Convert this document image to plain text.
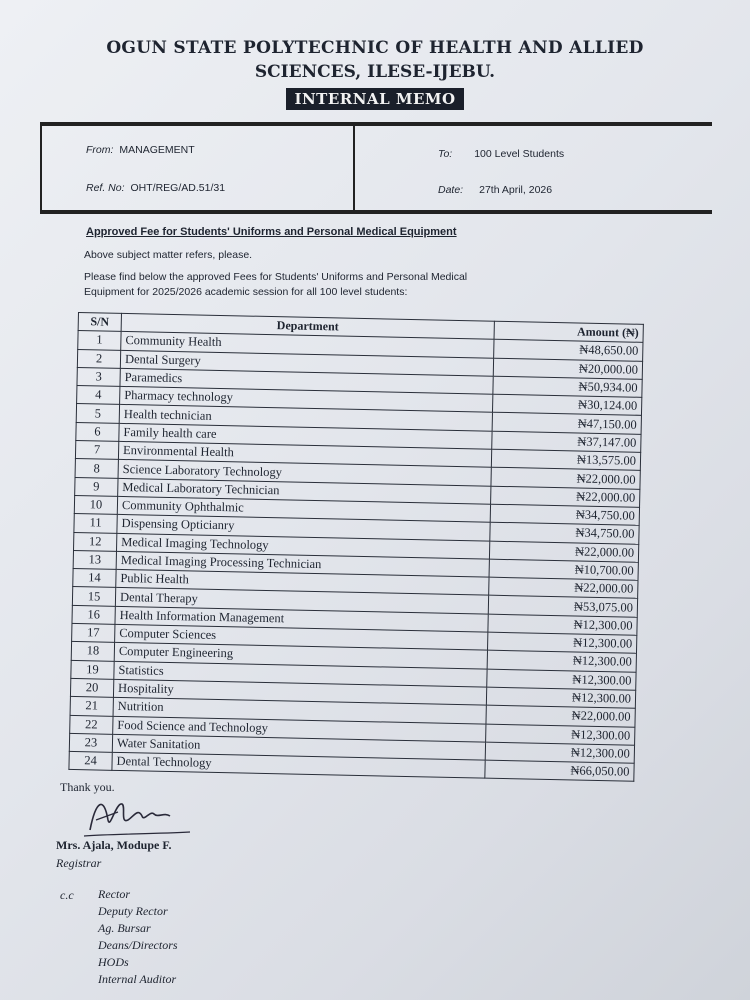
OGUN STATE POLYTECHNIC OF HEALTH AND ALLIED
SCIENCES, ILESE-IJEBU.
INTERNAL MEMO
From: MANAGEMENT
Ref. No: OHT/REG/AD.51/31
To: 100 Level Students
Date: 27th April, 2026
Approved Fee for Students' Uniforms and Personal Medical Equipment
Above subject matter refers, please.
Please find below the approved Fees for Students' Uniforms and Personal Medical
Equipment for 2025/2026 academic session for all 100 level students:
S/N	Department	Amount (₦)
1	Community Health	₦48,650.00
2	Dental Surgery	₦20,000.00
3	Paramedics	₦50,934.00
4	Pharmacy technology	₦30,124.00
5	Health technician	₦47,150.00
6	Family health care	₦37,147.00
7	Environmental Health	₦13,575.00
8	Science Laboratory Technology	₦22,000.00
9	Medical Laboratory Technician	₦22,000.00
10	Community Ophthalmic	₦34,750.00
11	Dispensing Opticianry	₦34,750.00
12	Medical Imaging Technology	₦22,000.00
13	Medical Imaging Processing Technician	₦10,700.00
14	Public Health	₦22,000.00
15	Dental Therapy	₦53,075.00
16	Health Information Management	₦12,300.00
17	Computer Sciences	₦12,300.00
18	Computer Engineering	₦12,300.00
19	Statistics	₦12,300.00
20	Hospitality	₦12,300.00
21	Nutrition	₦22,000.00
22	Food Science and Technology	₦12,300.00
23	Water Sanitation	₦12,300.00
24	Dental Technology	₦66,050.00
Thank you.
Mrs. Ajala, Modupe F.
Registrar
c.c Rector
Deputy Rector
Ag. Bursar
Deans/Directors
HODs
Internal Auditor
